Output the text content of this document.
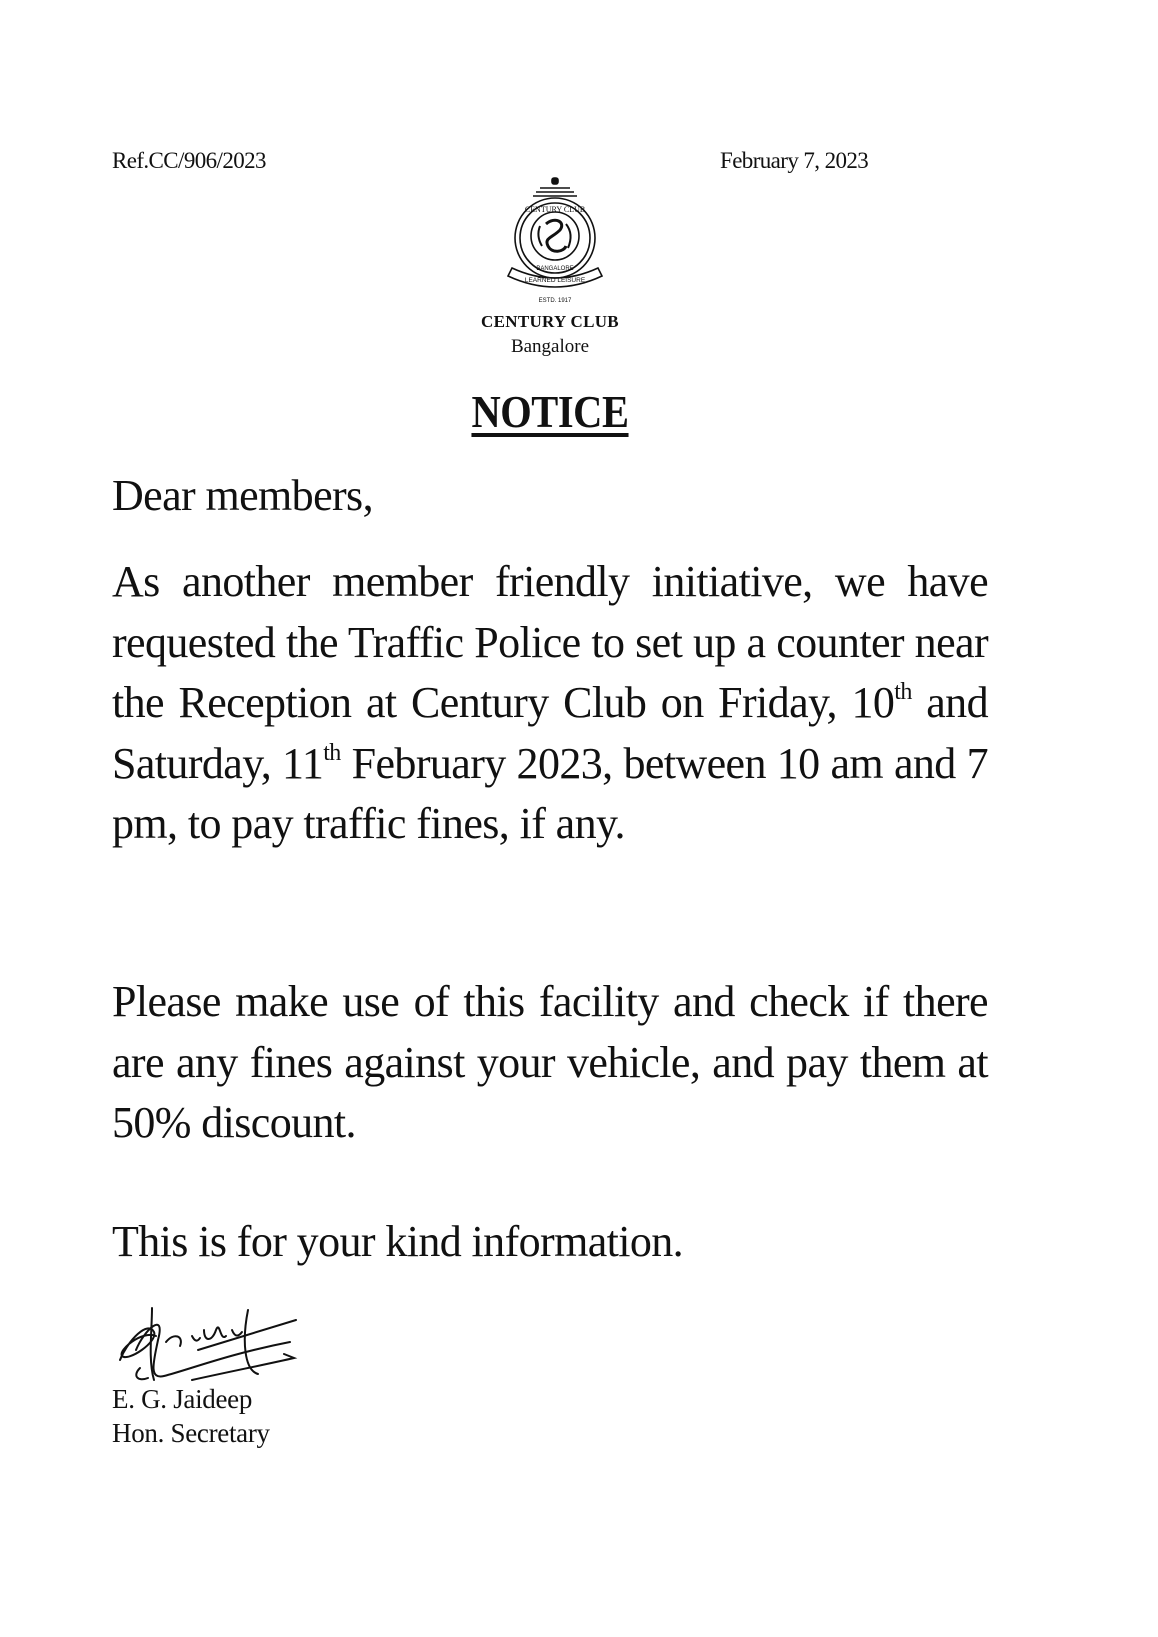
Ref.CC/906/2023	February 7, 2023
CENTURY CLUB
BANGALORE
LEARNED LEISURE
ESTD. 1917
CENTURY CLUB
Bangalore
NOTICE
Dear members,
As another member friendly initiative, we have requested the Traffic Police to set up a counter near the Reception at Century Club on Friday, 10th and Saturday, 11th February 2023, between 10 am and 7 pm, to pay traffic fines, if any.
Please make use of this facility and check if there are any fines against your vehicle, and pay them at 50% discount.
This is for your kind information.
E. G. Jaideep
Hon. Secretary
